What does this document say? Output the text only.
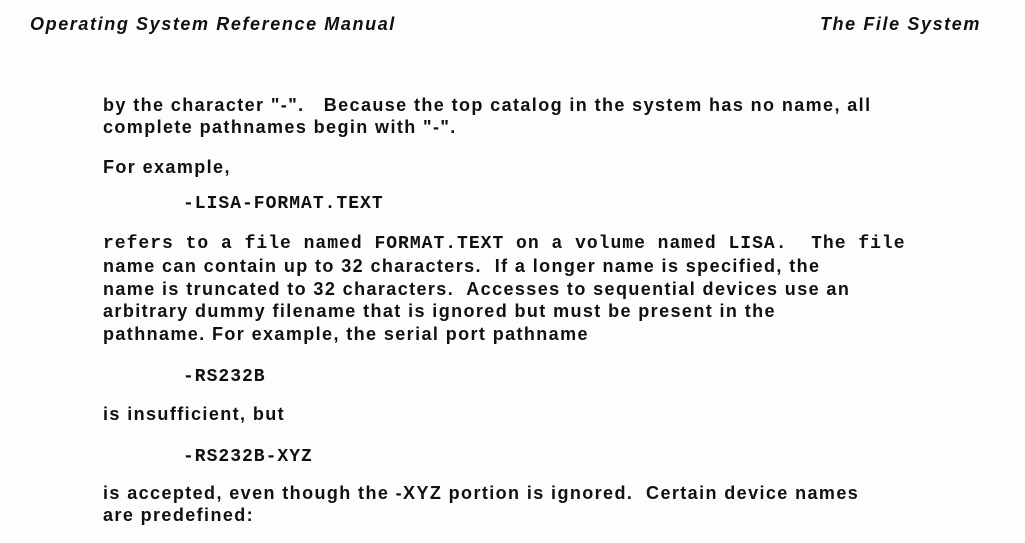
Operating System Reference Manual	The File System
by the character "-".   Because the top catalog in the system has no name, all
complete pathnames begin with "-".
For example,
-LISA-FORMAT.TEXT
refers to a file named FORMAT.TEXT on a volume named LISA.  The file
name can contain up to 32 characters.  If a longer name is specified, the
name is truncated to 32 characters.  Accesses to sequential devices use an
arbitrary dummy filename that is ignored but must be present in the
pathname. For example, the serial port pathname
-RS232B
is insufficient, but
-RS232B-XYZ
is accepted, even though the -XYZ portion is ignored.  Certain device names
are predefined:
